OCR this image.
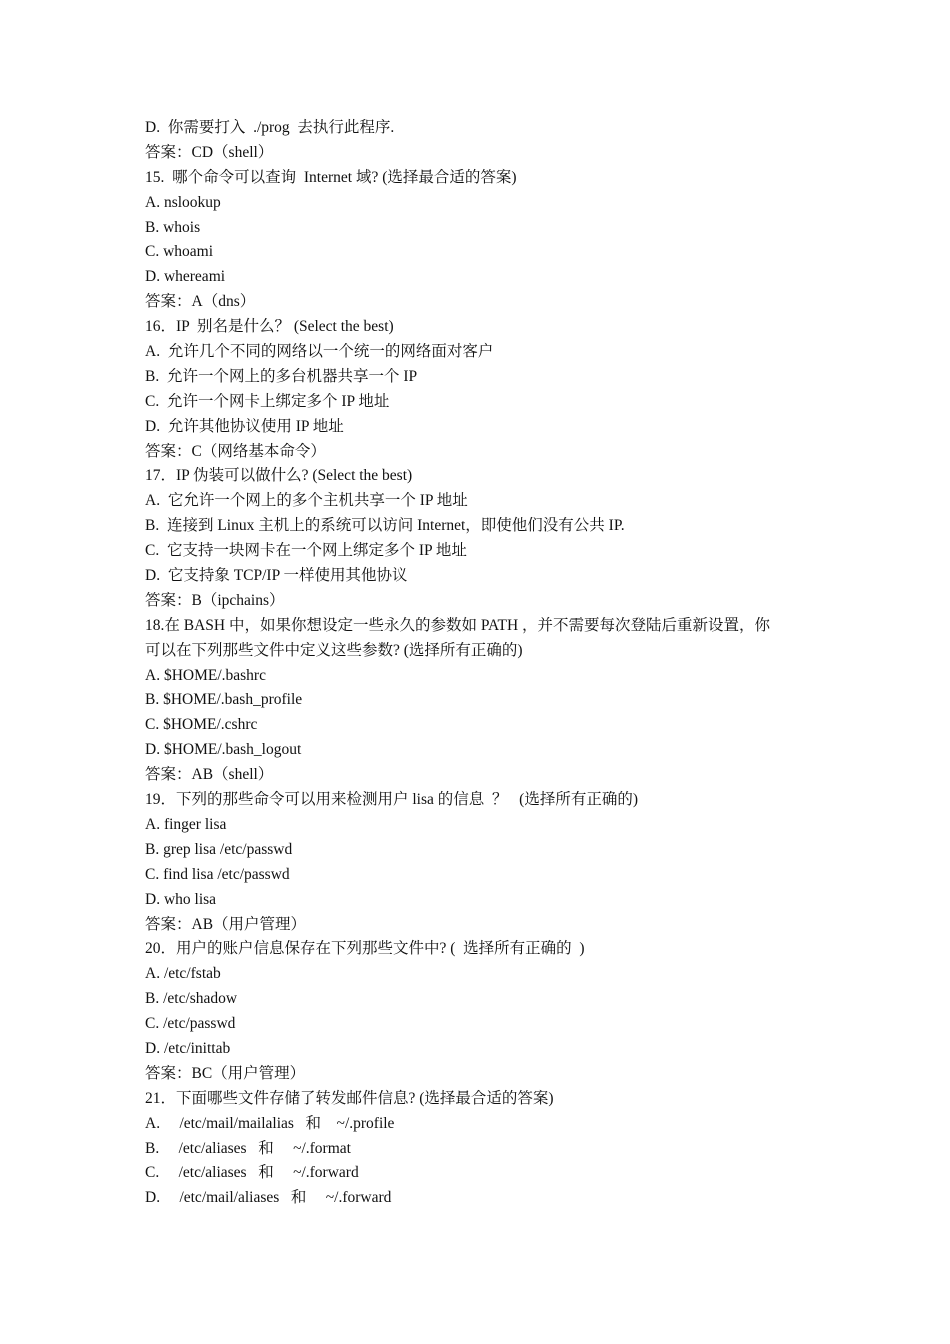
D.  你需要打入  ./prog  去执行此程序.
答案：CD（shell）
15.  哪个命令可以查询  Internet 域? (选择最合适的答案)
A. nslookup
B. whois
C. whoami
D. whereami
答案：A（dns）
16．IP  别名是什么？ (Select the best)
A.  允许几个不同的网络以一个统一的网络面对客户
B.  允许一个网上的多台机器共享一个 IP
C.  允许一个网卡上绑定多个 IP 地址
D.  允许其他协议使用 IP 地址
答案：C（网络基本命令）
17．IP 伪装可以做什么? (Select the best)
A.  它允许一个网上的多个主机共享一个 IP 地址
B.  连接到 Linux 主机上的系统可以访问 Internet，即使他们没有公共 IP.
C.  它支持一块网卡在一个网上绑定多个 IP 地址
D.  它支持象 TCP/IP 一样使用其他协议
答案：B（ipchains）
18.在 BASH 中，如果你想设定一些永久的参数如 PATH ，并不需要每次登陆后重新设置，你
可以在下列那些文件中定义这些参数? (选择所有正确的)
A. $HOME/.bashrc
B. $HOME/.bash_profile
C. $HOME/.cshrc
D. $HOME/.bash_logout
答案：AB（shell）
19．下列的那些命令可以用来检测用户 lisa 的信息  ？   (选择所有正确的)
A. finger lisa
B. grep lisa /etc/passwd
C. find lisa /etc/passwd
D. who lisa
答案：AB（用户管理）
20．用户的账户信息保存在下列那些文件中? (  选择所有正确的  )
A. /etc/fstab
B. /etc/shadow
C. /etc/passwd
D. /etc/inittab
答案：BC（用户管理）
21．下面哪些文件存储了转发邮件信息? (选择最合适的答案)
A.     /etc/mail/mailalias   和    ~/.profile
B.     /etc/aliases   和     ~/.format
C.     /etc/aliases   和     ~/.forward
D.     /etc/mail/aliases   和     ~/.forward
